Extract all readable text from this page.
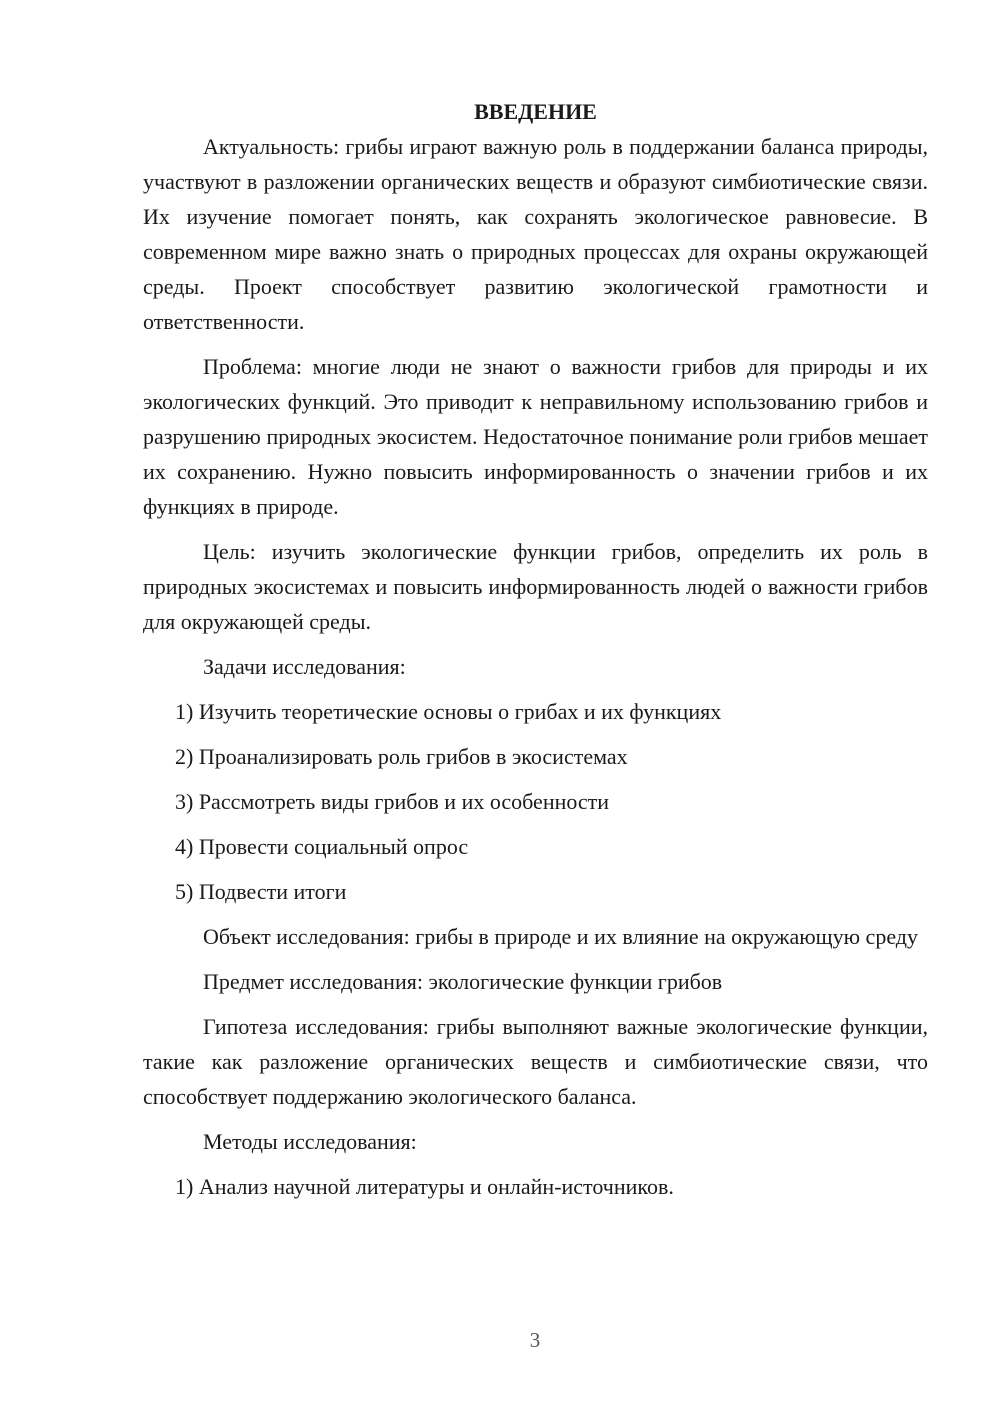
ВВЕДЕНИЕ

Актуальность: грибы играют важную роль в поддержании баланса природы, участвуют в разложении органических веществ и образуют симбиотические связи. Их изучение помогает понять, как сохранять экологическое равновесие. В современном мире важно знать о природных процессах для охраны окружающей среды. Проект способствует развитию экологической грамотности и ответственности.

Проблема: многие люди не знают о важности грибов для природы и их экологических функций. Это приводит к неправильному использованию грибов и разрушению природных экосистем. Недостаточное понимание роли грибов мешает их сохранению. Нужно повысить информированность о значении грибов и их функциях в природе.

Цель: изучить экологические функции грибов, определить их роль в природных экосистемах и повысить информированность людей о важности грибов для окружающей среды.

Задачи исследования:

1) Изучить теоретические основы о грибах и их функциях

2) Проанализировать роль грибов в экосистемах

3) Рассмотреть виды грибов и их особенности

4) Провести социальный опрос

5) Подвести итоги

Объект исследования: грибы в природе и их влияние на окружающую среду

Предмет исследования: экологические функции грибов

Гипотеза исследования: грибы выполняют важные экологические функции, такие как разложение органических веществ и симбиотические связи, что способствует поддержанию экологического баланса.

Методы исследования:

1) Анализ научной литературы и онлайн-источников.

3
